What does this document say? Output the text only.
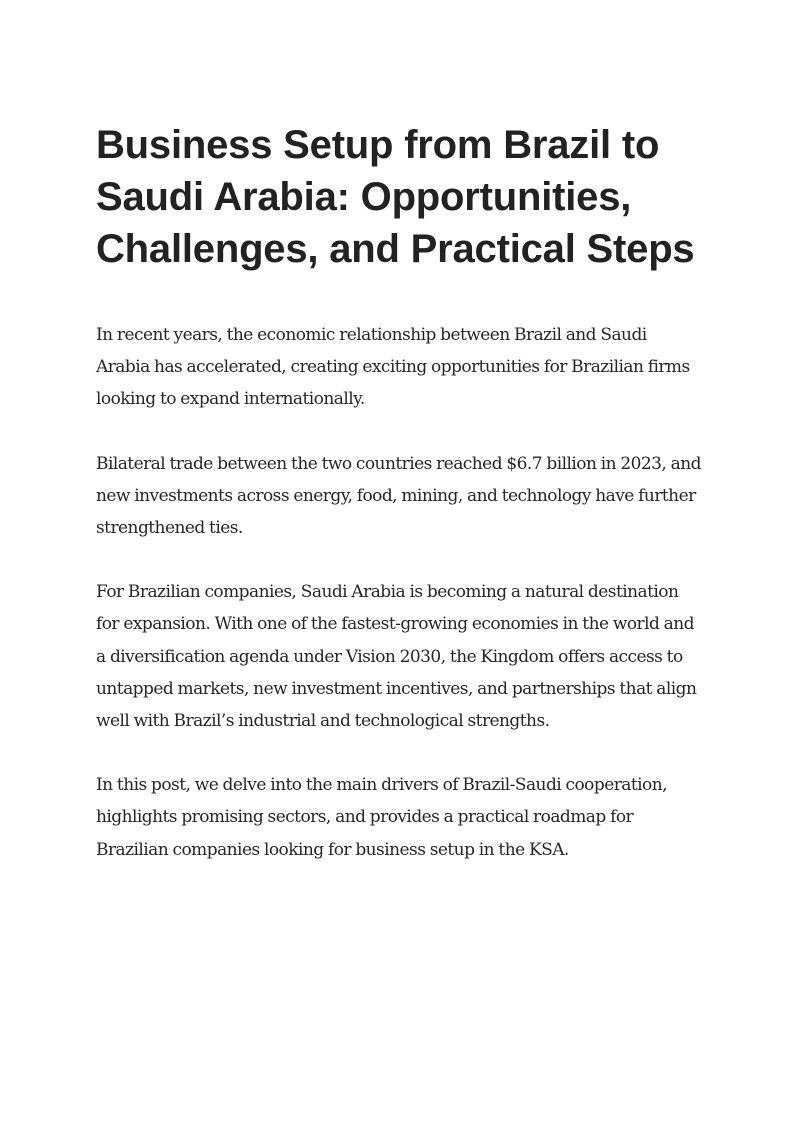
Business Setup from Brazil to Saudi Arabia: Opportunities, Challenges, and Practical Steps

In recent years, the economic relationship between Brazil and Saudi Arabia has accelerated, creating exciting opportunities for Brazilian firms looking to expand internationally.

Bilateral trade between the two countries reached $6.7 billion in 2023, and new investments across energy, food, mining, and technology have further strengthened ties.

For Brazilian companies, Saudi Arabia is becoming a natural destination for expansion. With one of the fastest-growing economies in the world and a diversification agenda under Vision 2030, the Kingdom offers access to untapped markets, new investment incentives, and partnerships that align well with Brazil’s industrial and technological strengths.

In this post, we delve into the main drivers of Brazil-Saudi cooperation, highlights promising sectors, and provides a practical roadmap for Brazilian companies looking for business setup in the KSA.
